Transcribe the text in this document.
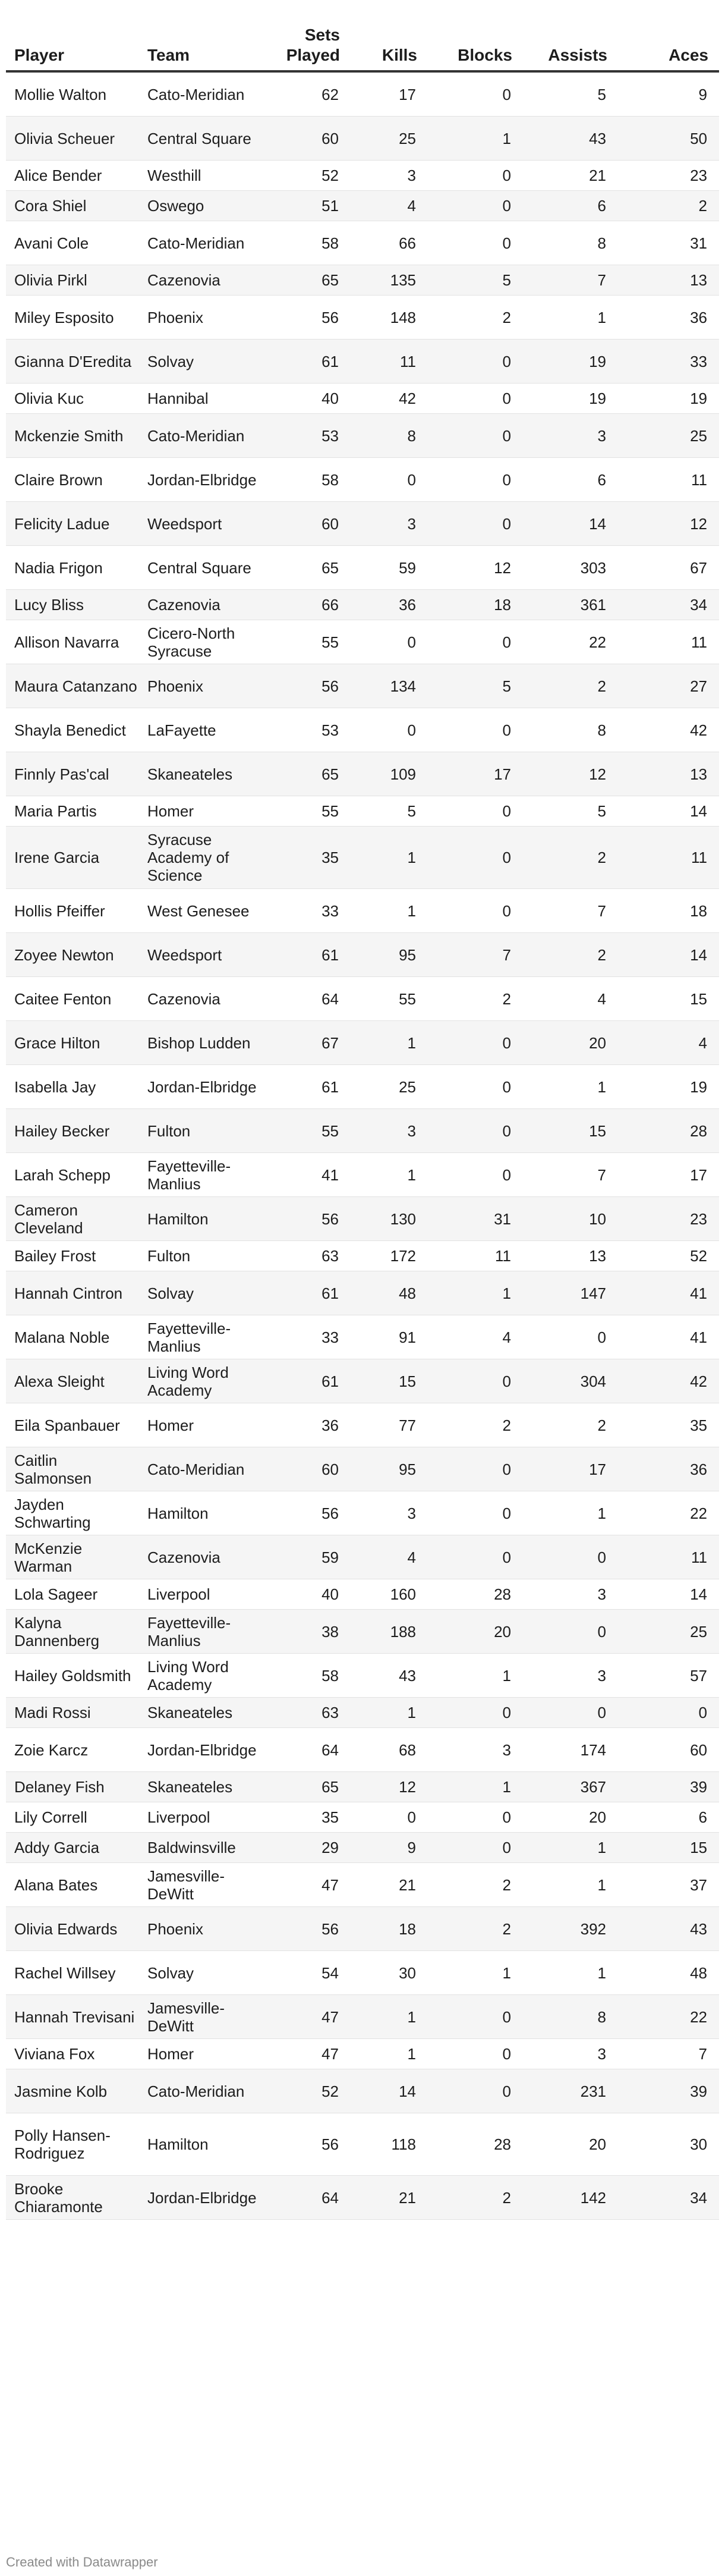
Player	Team	Sets Played	Kills	Blocks	Assists	Aces
Mollie Walton	Cato-Meridian	62	17	0	5	9
Olivia Scheuer	Central Square	60	25	1	43	50
Alice Bender	Westhill	52	3	0	21	23
Cora Shiel	Oswego	51	4	0	6	2
Avani Cole	Cato-Meridian	58	66	0	8	31
Olivia Pirkl	Cazenovia	65	135	5	7	13
Miley Esposito	Phoenix	56	148	2	1	36
Gianna D'Eredita	Solvay	61	11	0	19	33
Olivia Kuc	Hannibal	40	42	0	19	19
Mckenzie Smith	Cato-Meridian	53	8	0	3	25
Claire Brown	Jordan-Elbridge	58	0	0	6	11
Felicity Ladue	Weedsport	60	3	0	14	12
Nadia Frigon	Central Square	65	59	12	303	67
Lucy Bliss	Cazenovia	66	36	18	361	34
Allison Navarra	Cicero-North Syracuse	55	0	0	22	11
Maura Catanzano	Phoenix	56	134	5	2	27
Shayla Benedict	LaFayette	53	0	0	8	42
Finnly Pas'cal	Skaneateles	65	109	17	12	13
Maria Partis	Homer	55	5	0	5	14
Irene Garcia	Syracuse Academy of Science	35	1	0	2	11
Hollis Pfeiffer	West Genesee	33	1	0	7	18
Zoyee Newton	Weedsport	61	95	7	2	14
Caitee Fenton	Cazenovia	64	55	2	4	15
Grace Hilton	Bishop Ludden	67	1	0	20	4
Isabella Jay	Jordan-Elbridge	61	25	0	1	19
Hailey Becker	Fulton	55	3	0	15	28
Larah Schepp	Fayetteville-Manlius	41	1	0	7	17
Cameron Cleveland	Hamilton	56	130	31	10	23
Bailey Frost	Fulton	63	172	11	13	52
Hannah Cintron	Solvay	61	48	1	147	41
Malana Noble	Fayetteville-Manlius	33	91	4	0	41
Alexa Sleight	Living Word Academy	61	15	0	304	42
Eila Spanbauer	Homer	36	77	2	2	35
Caitlin Salmonsen	Cato-Meridian	60	95	0	17	36
Jayden Schwarting	Hamilton	56	3	0	1	22
McKenzie Warman	Cazenovia	59	4	0	0	11
Lola Sageer	Liverpool	40	160	28	3	14
Kalyna Dannenberg	Fayetteville-Manlius	38	188	20	0	25
Hailey Goldsmith	Living Word Academy	58	43	1	3	57
Madi Rossi	Skaneateles	63	1	0	0	0
Zoie Karcz	Jordan-Elbridge	64	68	3	174	60
Delaney Fish	Skaneateles	65	12	1	367	39
Lily Correll	Liverpool	35	0	0	20	6
Addy Garcia	Baldwinsville	29	9	0	1	15
Alana Bates	Jamesville-DeWitt	47	21	2	1	37
Olivia Edwards	Phoenix	56	18	2	392	43
Rachel Willsey	Solvay	54	30	1	1	48
Hannah Trevisani	Jamesville-DeWitt	47	1	0	8	22
Viviana Fox	Homer	47	1	0	3	7
Jasmine Kolb	Cato-Meridian	52	14	0	231	39
Polly Hansen-Rodriguez	Hamilton	56	118	28	20	30
Brooke Chiaramonte	Jordan-Elbridge	64	21	2	142	34
Created with Datawrapper
